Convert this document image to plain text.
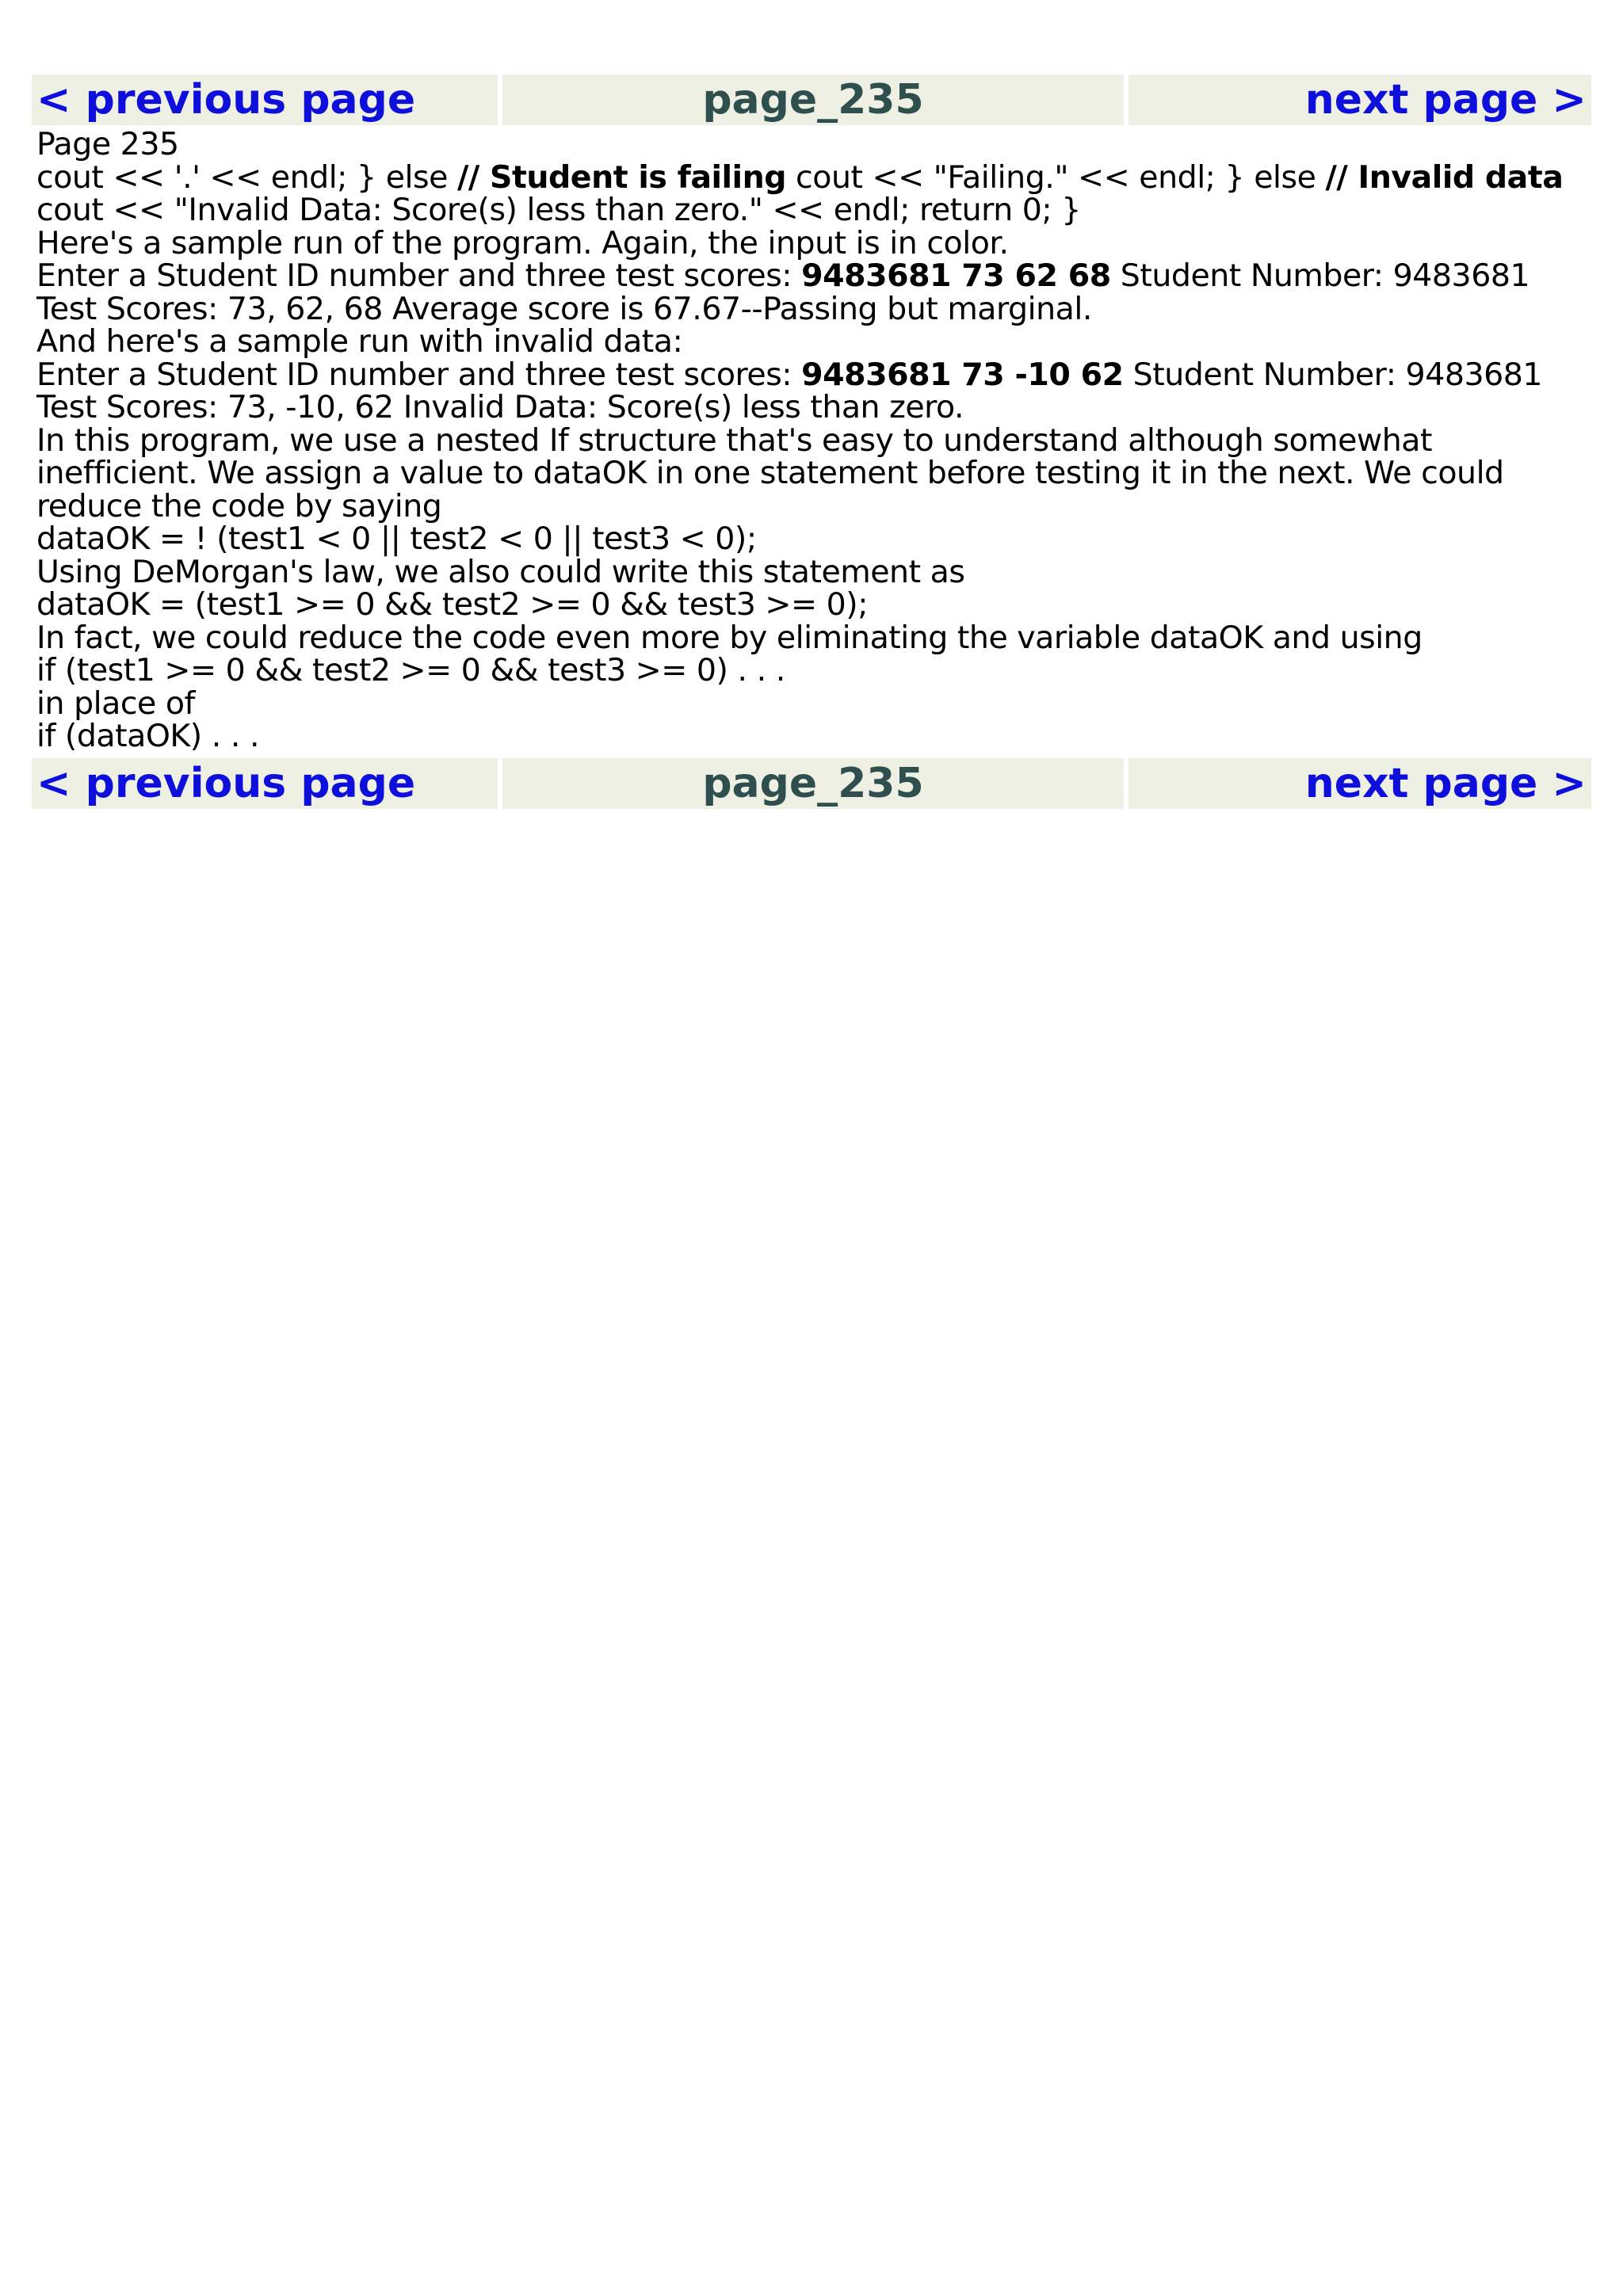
< previous page	page_235	next page >

Page 235

cout << '.' << endl; } else // Student is failing cout << "Failing." << endl; } else // Invalid data cout << "Invalid Data: Score(s) less than zero." << endl; return 0; }

Here's a sample run of the program. Again, the input is in color.

Enter a Student ID number and three test scores: 9483681 73 62 68 Student Number: 9483681 Test Scores: 73, 62, 68 Average score is 67.67--Passing but marginal.

And here's a sample run with invalid data:

Enter a Student ID number and three test scores: 9483681 73 -10 62 Student Number: 9483681 Test Scores: 73, -10, 62 Invalid Data: Score(s) less than zero.

In this program, we use a nested If structure that's easy to understand although somewhat inefficient. We assign a value to dataOK in one statement before testing it in the next. We could reduce the code by saying

dataOK = ! (test1 < 0 || test2 < 0 || test3 < 0);

Using DeMorgan's law, we also could write this statement as

dataOK = (test1 >= 0 && test2 >= 0 && test3 >= 0);

In fact, we could reduce the code even more by eliminating the variable dataOK and using

if (test1 >= 0 && test2 >= 0 && test3 >= 0) . . .

in place of

if (dataOK) . . .

< previous page	page_235	next page >
